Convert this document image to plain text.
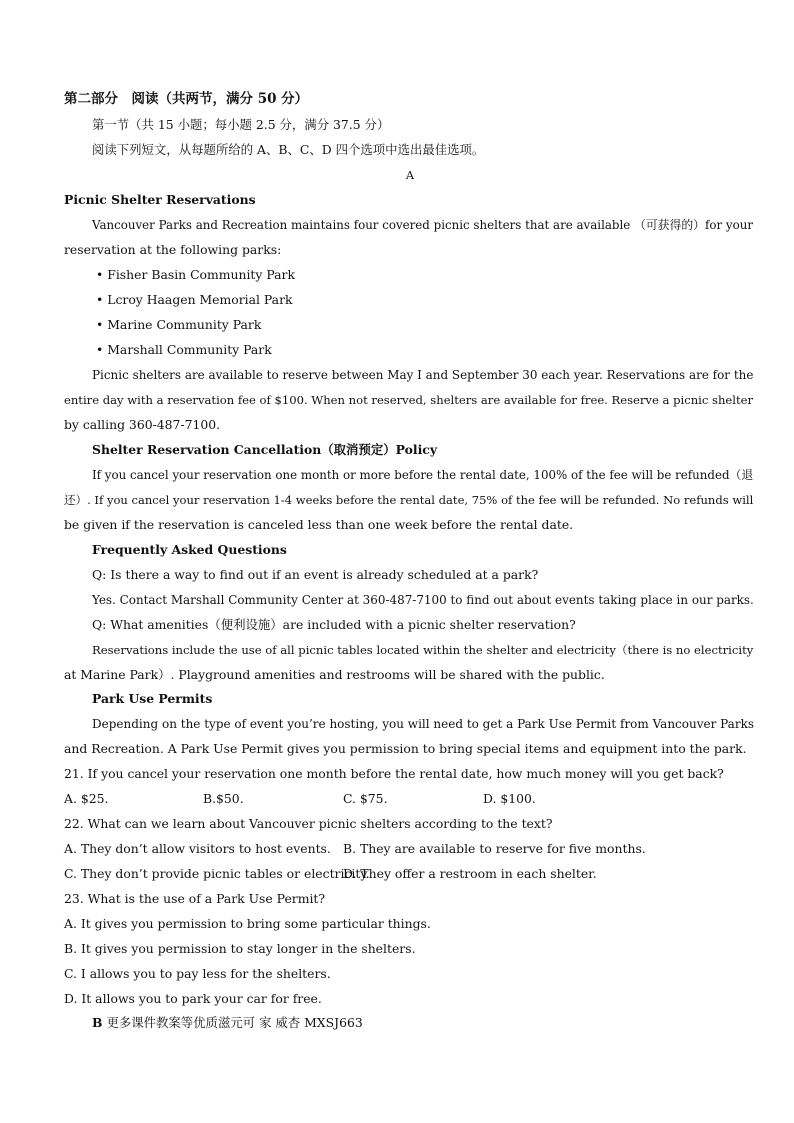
第二部分　阅读（共两节，满分 50 分）
第一节（共 15 小题；每小题 2.5 分，满分 37.5 分）
阅读下列短文，从每题所给的 A、B、C、D 四个选项中选出最佳选项。
A
Picnic Shelter Reservations
Vancouver Parks and Recreation maintains four covered picnic shelters that are available （可获得的）for your
reservation at the following parks:
• Fisher Basin Community Park
• Lcroy Haagen Memorial Park
• Marine Community Park
• Marshall Community Park
Picnic shelters are available to reserve between May I and September 30 each year. Reservations are for the
entire day with a reservation fee of $100. When not reserved, shelters are available for free. Reserve a picnic shelter
by calling 360-487-7100.
Shelter Reservation Cancellation（取消预定）Policy
If you cancel your reservation one month or more before the rental date, 100% of the fee will be refunded（退
还）. If you cancel your reservation 1-4 weeks before the rental date, 75% of the fee will be refunded. No refunds will
be given if the reservation is canceled less than one week before the rental date.
Frequently Asked Questions
Q: Is there a way to find out if an event is already scheduled at a park?
Yes. Contact Marshall Community Center at 360-487-7100 to find out about events taking place in our parks.
Q: What amenities（便利设施）are included with a picnic shelter reservation?
Reservations include the use of all picnic tables located within the shelter and electricity（there is no electricity
at Marine Park）. Playground amenities and restrooms will be shared with the public.
Park Use Permits
Depending on the type of event you’re hosting, you will need to get a Park Use Permit from Vancouver Parks
and Recreation. A Park Use Permit gives you permission to bring special items and equipment into the park.
21. If you cancel your reservation one month before the rental date, how much money will you get back?
A. $25.	B.$50.	C. $75.	D. $100.
22. What can we learn about Vancouver picnic shelters according to the text?
A. They don’t allow visitors to host events. B. They are available to reserve for five months.
C. They don’t provide picnic tables or electricity.
D. They offer a restroom in each shelter.
23. What is the use of a Park Use Permit?
A. It gives you permission to bring some particular things.
B. It gives you permission to stay longer in the shelters.
C. I allows you to pay less for the shelters.
D. It allows you to park your car for free.
B 更多课件教案等优质滋元可 家 威杏 MXSJ663
